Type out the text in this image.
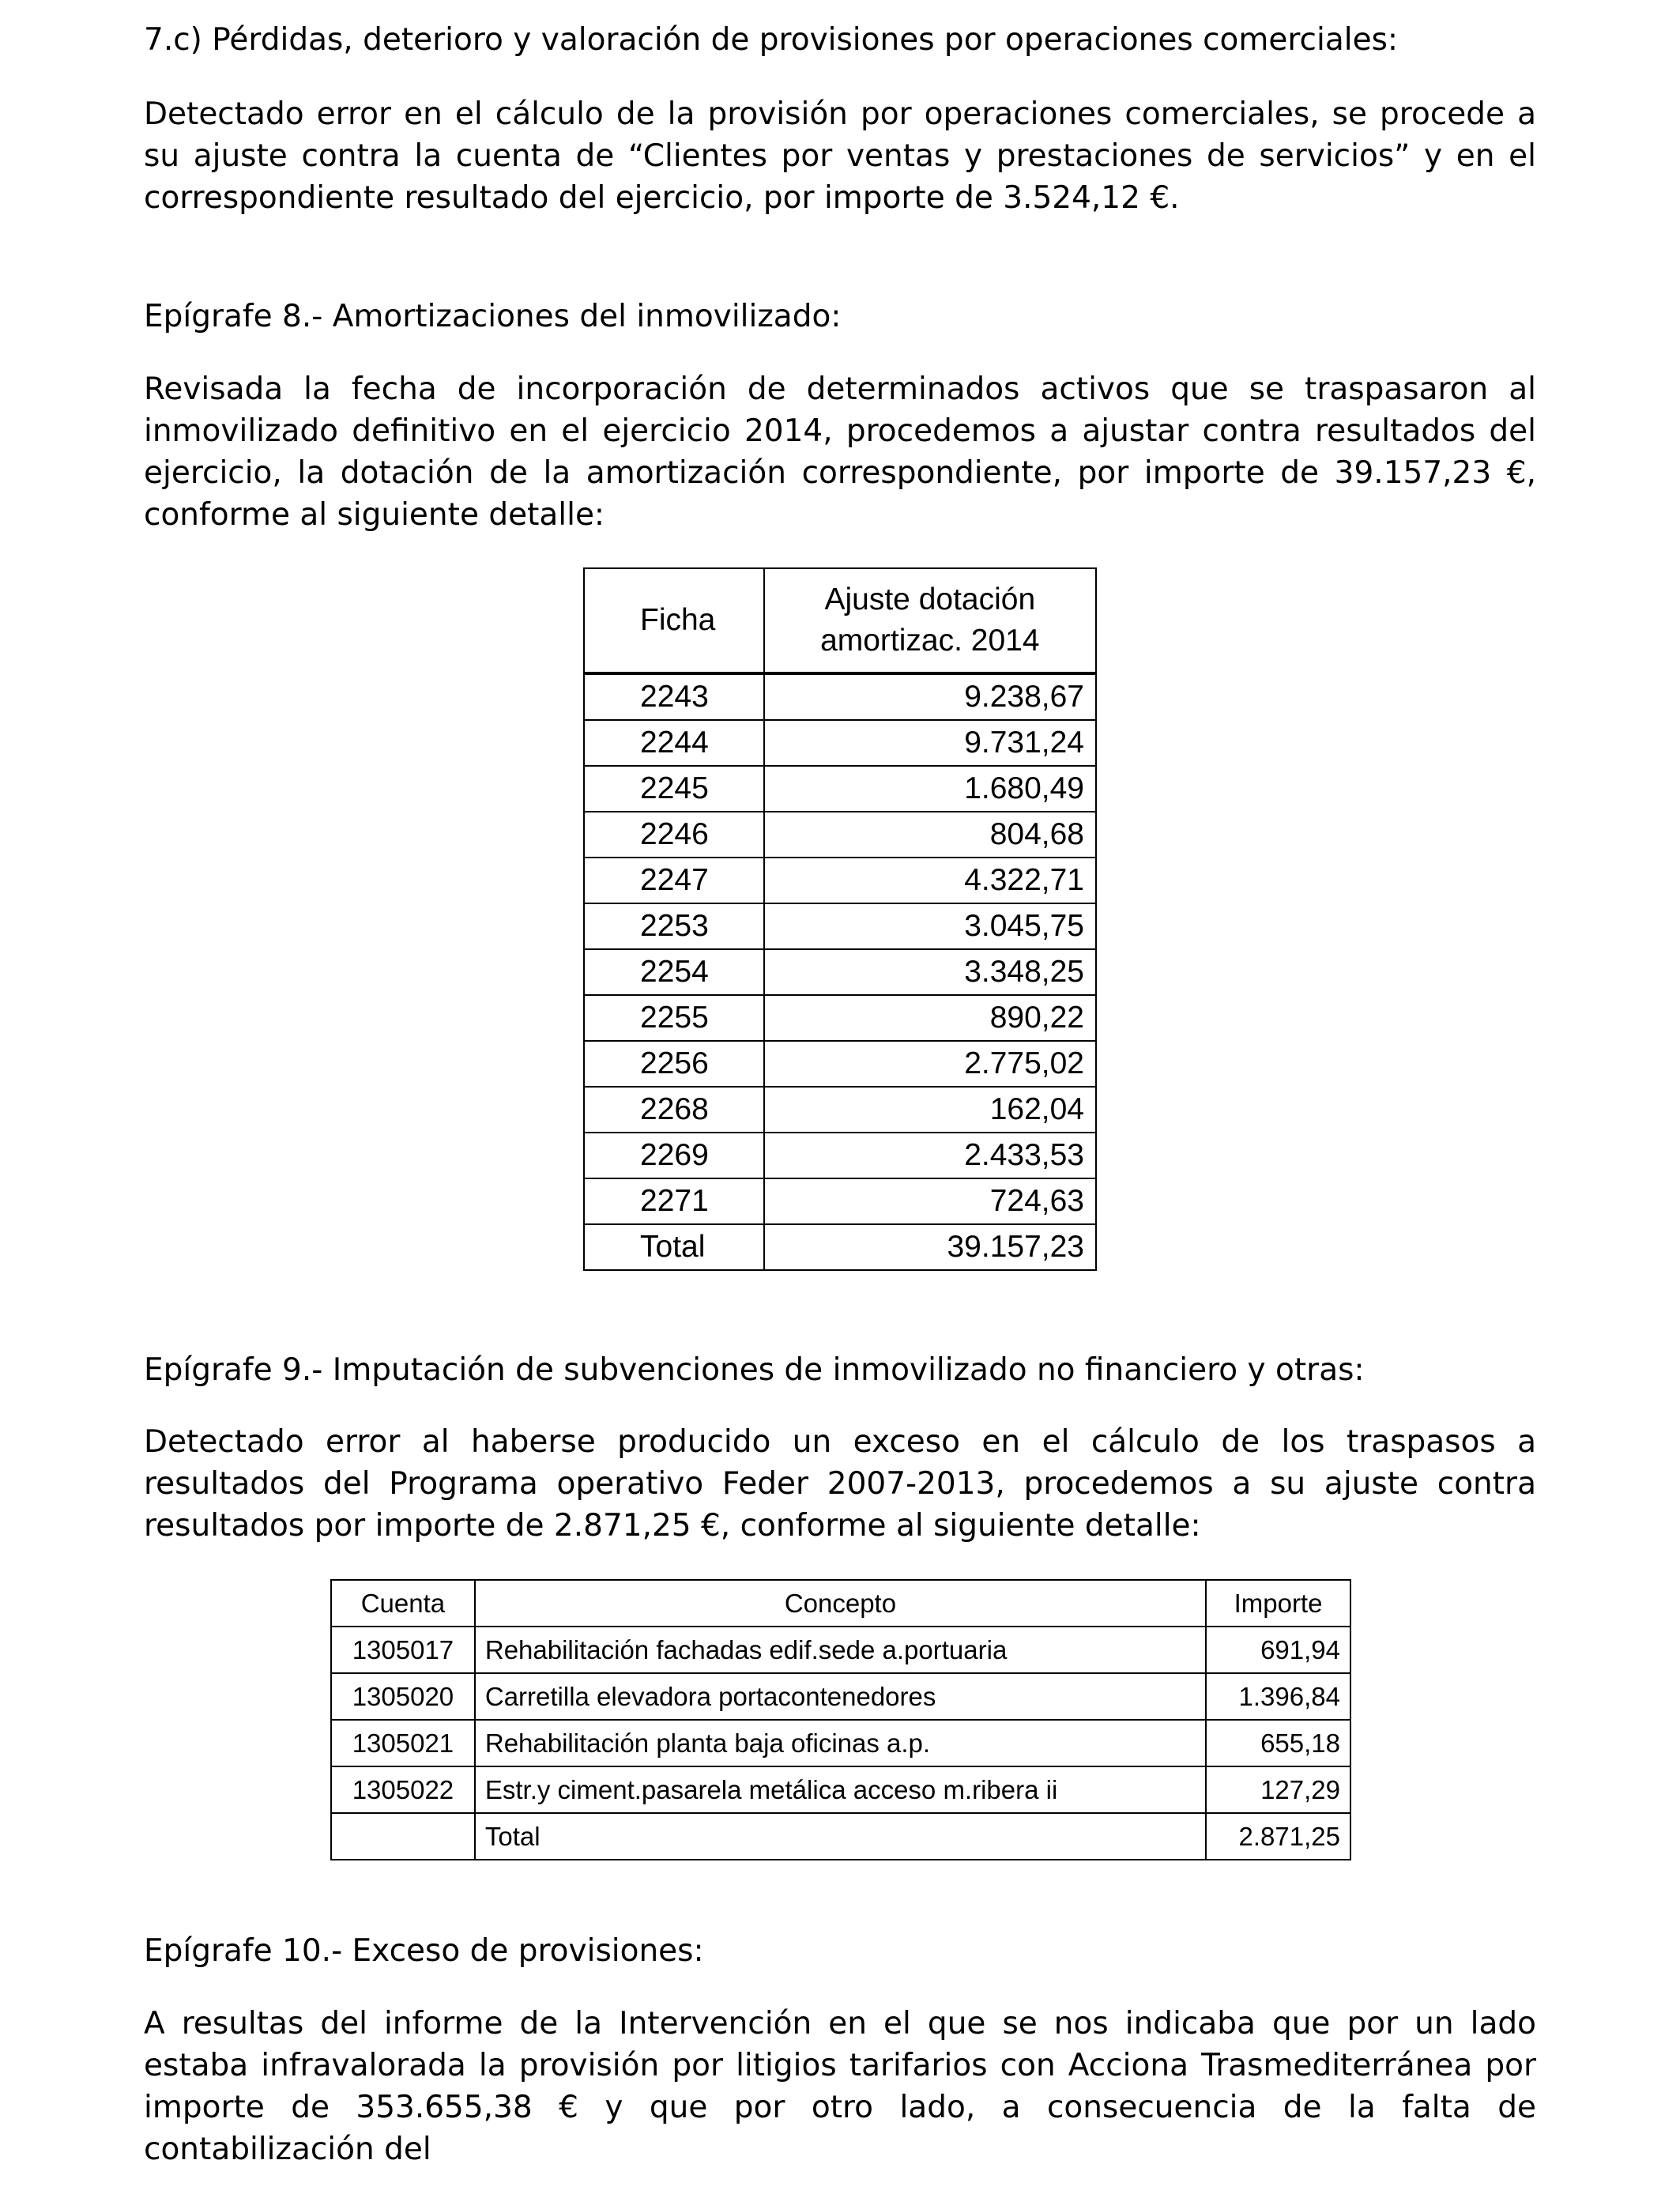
7.c) Pérdidas, deterioro y valoración de provisiones por operaciones comerciales:

Detectado error en el cálculo de la provisión por operaciones comerciales, se procede a su ajuste contra la cuenta de “Clientes por ventas y prestaciones de servicios” y en el correspondiente resultado del ejercicio, por importe de 3.524,12 €.

Epígrafe 8.- Amortizaciones del inmovilizado:

Revisada la fecha de incorporación de determinados activos que se traspasaron al inmovilizado definitivo en el ejercicio 2014, procedemos a ajustar contra resultados del ejercicio, la dotación de la amortización correspondiente, por importe de 39.157,23 €, conforme al siguiente detalle:

Ficha	Ajuste dotación
amortizac. 2014
2243	9.238,67
2244	9.731,24
2245	1.680,49
2246	804,68
2247	4.322,71
2253	3.045,75
2254	3.348,25
2255	890,22
2256	2.775,02
2268	162,04
2269	2.433,53
2271	724,63
Total	39.157,23

Epígrafe 9.- Imputación de subvenciones de inmovilizado no financiero y otras:

Detectado error al haberse producido un exceso en el cálculo de los traspasos a resultados del Programa operativo Feder 2007-2013, procedemos a su ajuste contra resultados por importe de 2.871,25 €, conforme al siguiente detalle:

Cuenta	Concepto	Importe
1305017	Rehabilitación fachadas edif.sede a.portuaria	691,94
1305020	Carretilla elevadora portacontenedores	1.396,84
1305021	Rehabilitación planta baja oficinas a.p.	655,18
1305022	Estr.y ciment.pasarela metálica acceso m.ribera ii	127,29
	Total	2.871,25

Epígrafe 10.- Exceso de provisiones:

A resultas del informe de la Intervención en el que se nos indicaba que por un lado estaba infravalorada la provisión por litigios tarifarios con Acciona Trasmediterránea por importe de 353.655,38 € y que por otro lado, a consecuencia de la falta de contabilización del
